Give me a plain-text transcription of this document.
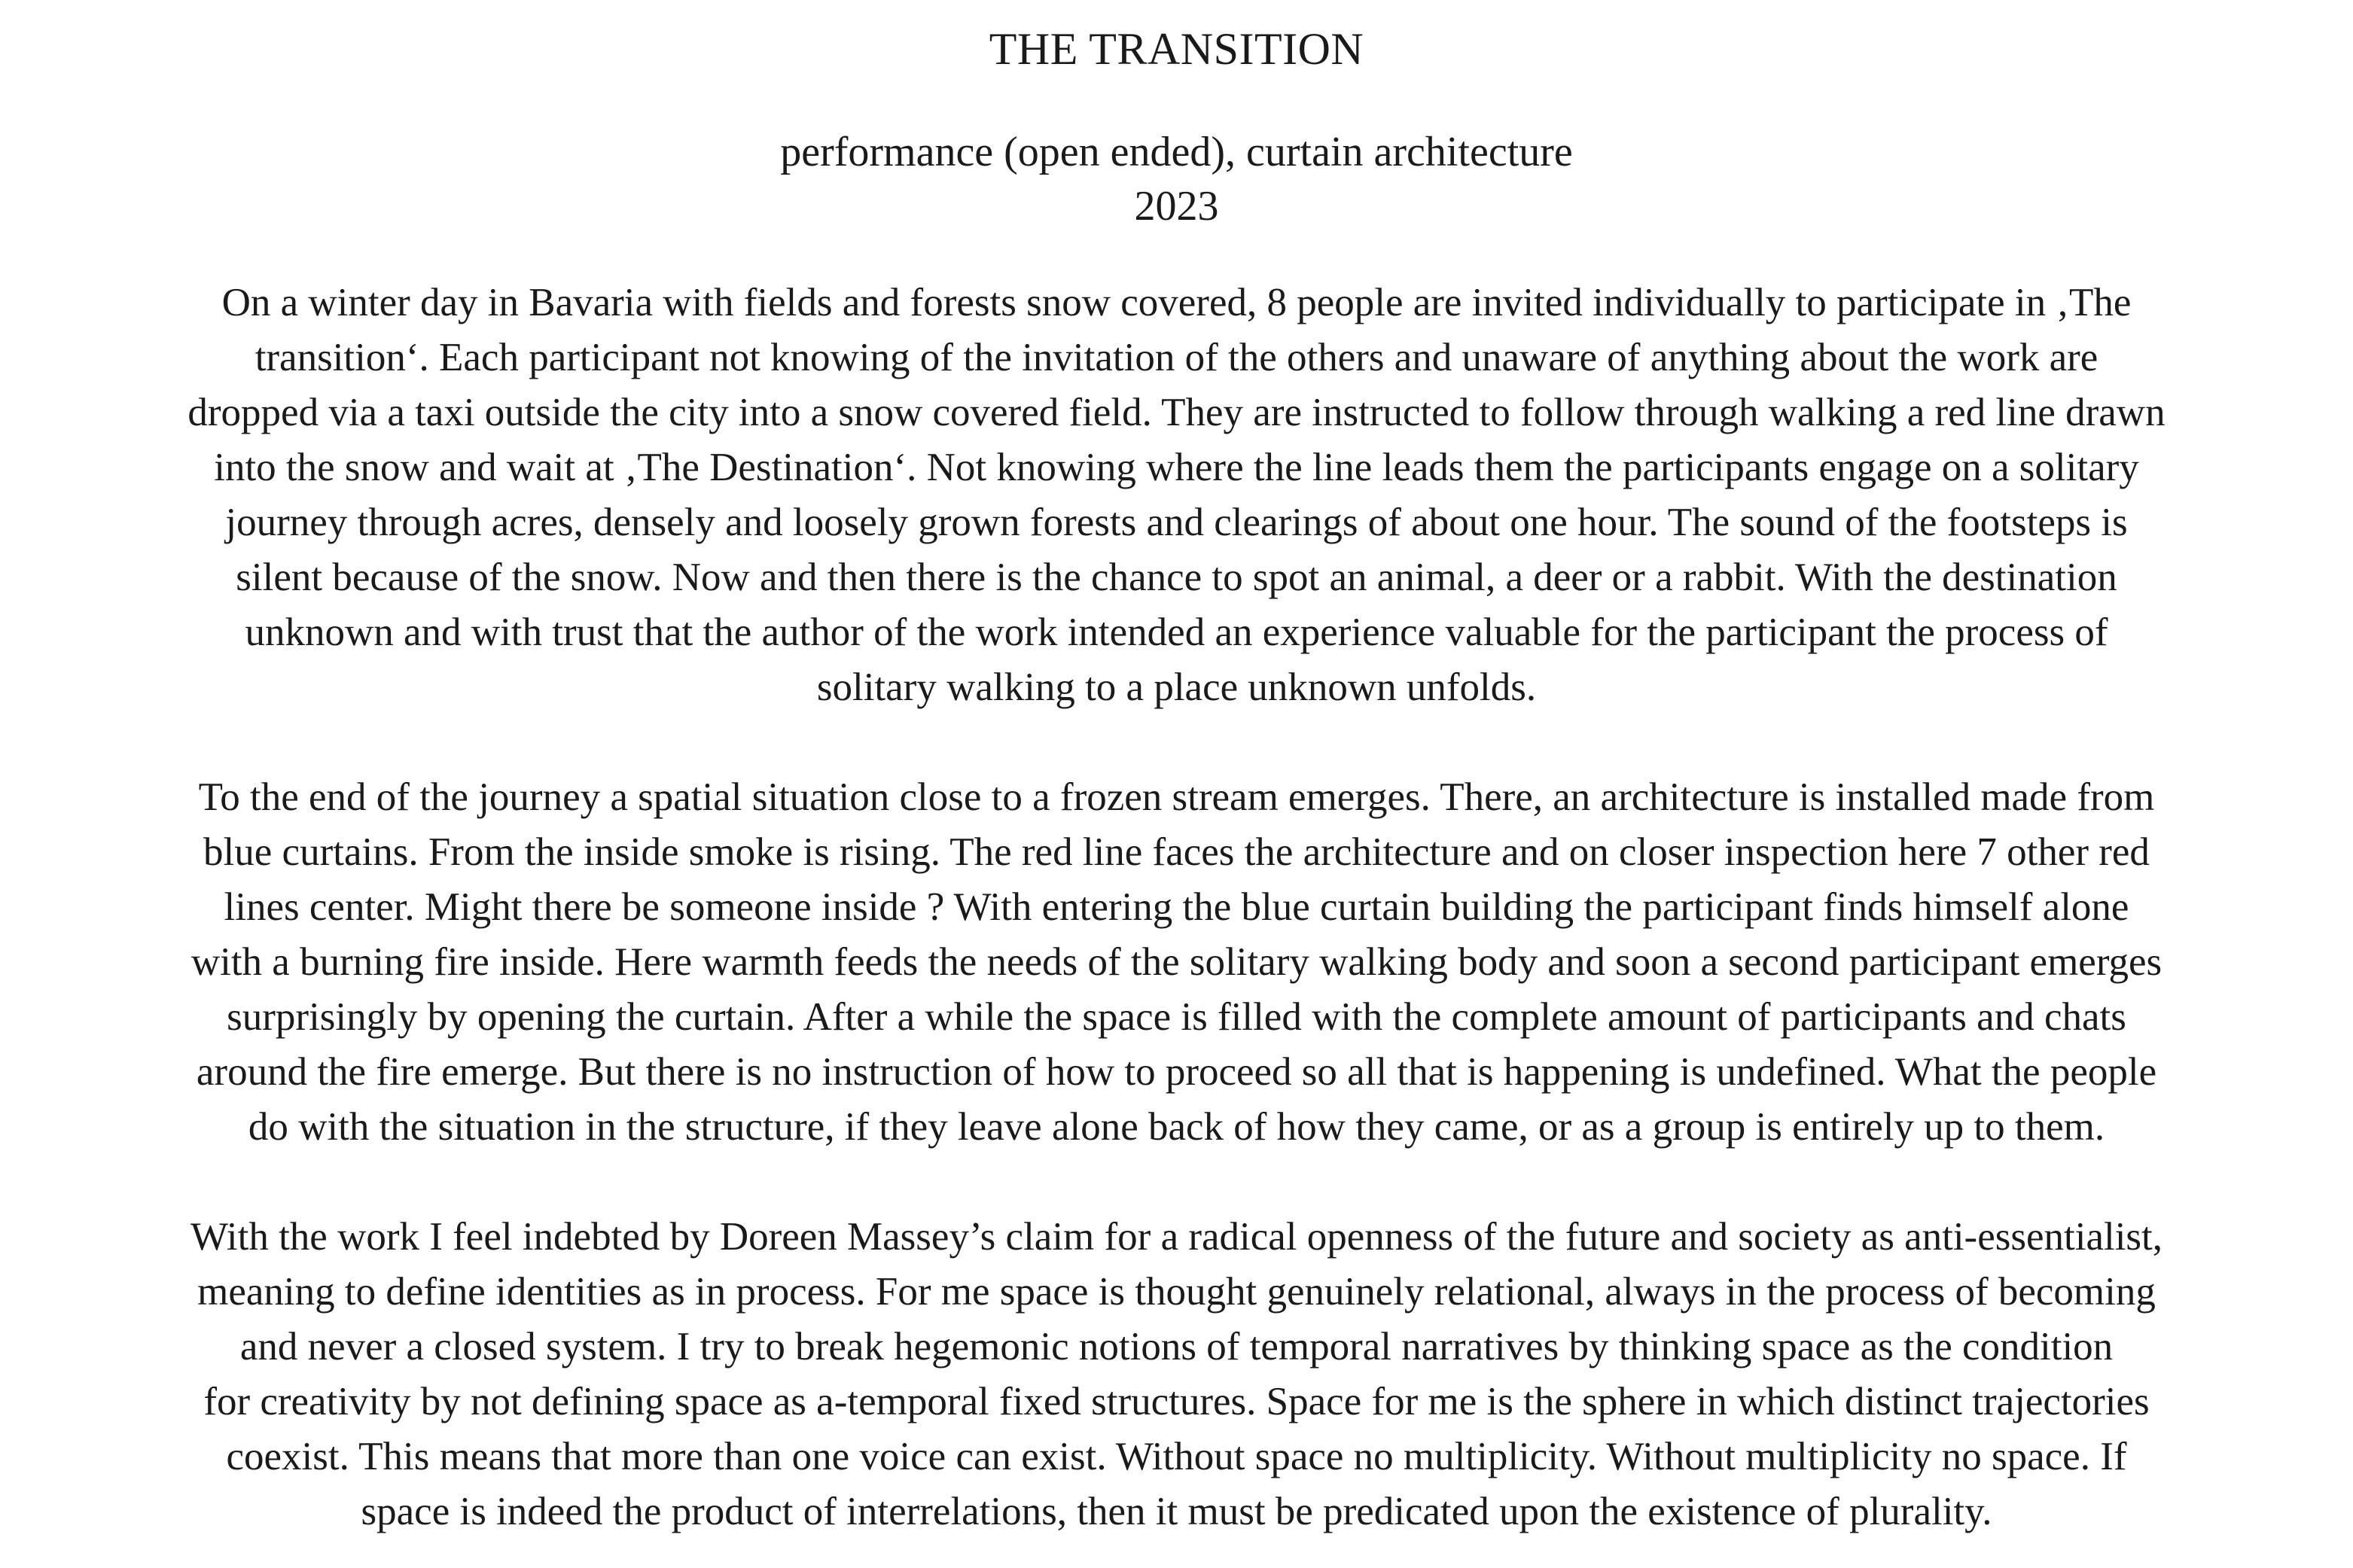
THE TRANSITION
performance (open ended), curtain architecture
2023

On a winter day in Bavaria with fields and forests snow covered, 8 people are invited individually to participate in ‚The
transition‘. Each participant not knowing of the invitation of the others and unaware of anything about the work are
dropped via a taxi outside the city into a snow covered field. They are instructed to follow through walking a red line drawn
into the snow and wait at ‚The Destination‘. Not knowing where the line leads them the participants engage on a solitary
journey through acres, densely and loosely grown forests and clearings of about one hour. The sound of the footsteps is
silent because of the snow. Now and then there is the chance to spot an animal, a deer or a rabbit. With the destination
unknown and with trust that the author of the work intended an experience valuable for the participant the process of
solitary walking to a place unknown unfolds.

To the end of the journey a spatial situation close to a frozen stream emerges. There, an architecture is installed made from
blue curtains. From the inside smoke is rising. The red line faces the architecture and on closer inspection here 7 other red
lines center. Might there be someone inside ? With entering the blue curtain building the participant finds himself alone
with a burning fire inside. Here warmth feeds the needs of the solitary walking body and soon a second participant emerges
surprisingly by opening the curtain. After a while the space is filled with the complete amount of participants and chats
around the fire emerge. But there is no instruction of how to proceed so all that is happening is undefined. What the people
do with the situation in the structure, if they leave alone back of how they came, or as a group is entirely up to them.

With the work I feel indebted by Doreen Massey’s claim for a radical openness of the future and society as anti-essentialist,
meaning to define identities as in process. For me space is thought genuinely relational, always in the process of becoming
and never a closed system. I try to break hegemonic notions of temporal narratives by thinking space as the condition
for creativity by not defining space as a-temporal fixed structures. Space for me is the sphere in which distinct trajectories
coexist. This means that more than one voice can exist. Without space no multiplicity. Without multiplicity no space. If
space is indeed the product of interrelations, then it must be predicated upon the existence of plurality.
